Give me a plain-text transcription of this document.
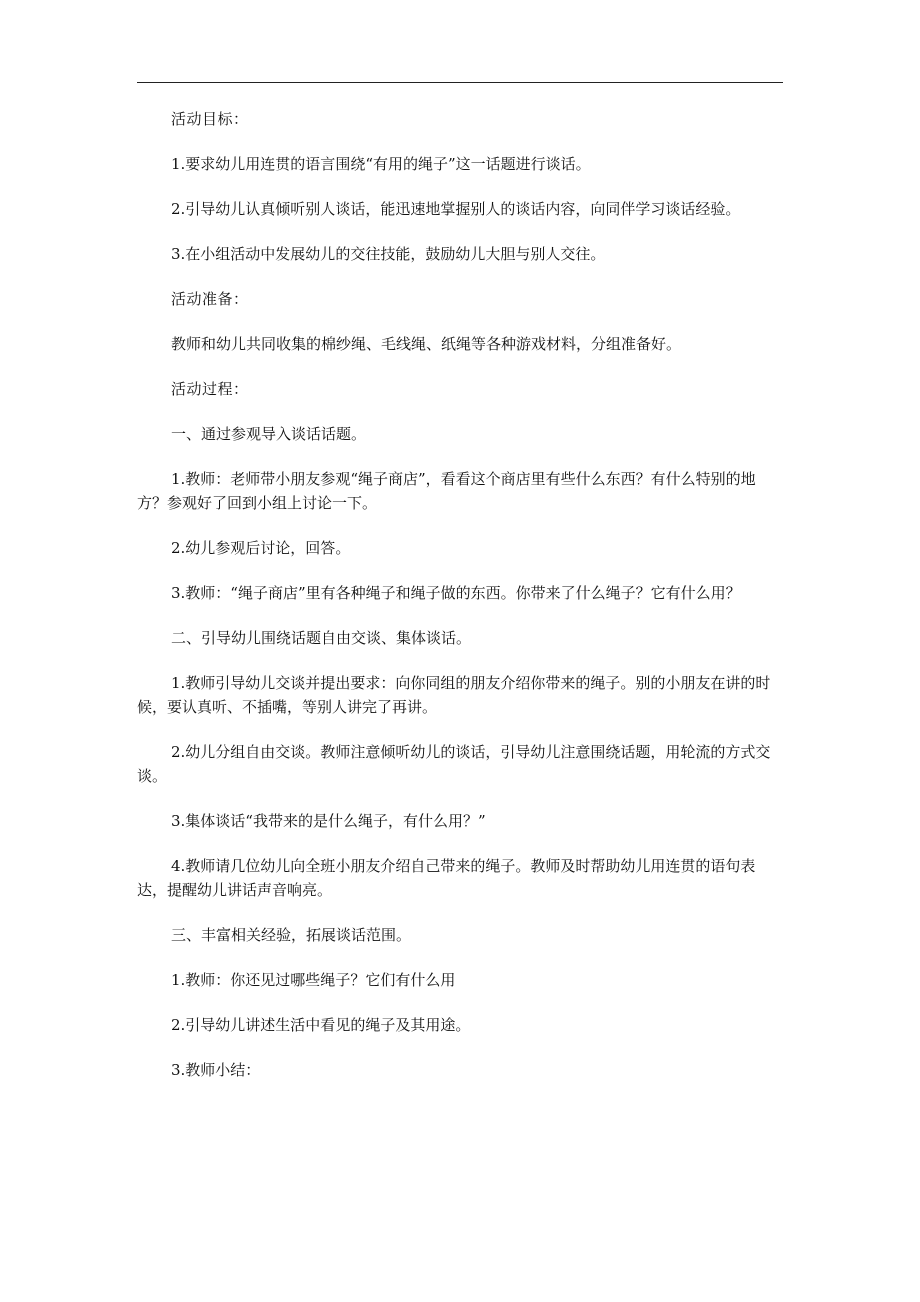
活动目标：

1.要求幼儿用连贯的语言围绕“有用的绳子”这一话题进行谈话。

2.引导幼儿认真倾听别人谈话，能迅速地掌握别人的谈话内容，向同伴学习谈话经验。

3.在小组活动中发展幼儿的交往技能，鼓励幼儿大胆与别人交往。

活动准备：

教师和幼儿共同收集的棉纱绳、毛线绳、纸绳等各种游戏材料，分组准备好。

活动过程：

一、通过参观导入谈话话题。

1.教师：老师带小朋友参观“绳子商店”，看看这个商店里有些什么东西？有什么特别的地方？参观好了回到小组上讨论一下。

2.幼儿参观后讨论，回答。

3.教师：“绳子商店”里有各种绳子和绳子做的东西。你带来了什么绳子？它有什么用？

二、引导幼儿围绕话题自由交谈、集体谈话。

1.教师引导幼儿交谈并提出要求：向你同组的朋友介绍你带来的绳子。别的小朋友在讲的时候，要认真听、不插嘴，等别人讲完了再讲。

2.幼儿分组自由交谈。教师注意倾听幼儿的谈话，引导幼儿注意围绕话题，用轮流的方式交谈。

3.集体谈话“我带来的是什么绳子，有什么用？”

4.教师请几位幼儿向全班小朋友介绍自己带来的绳子。教师及时帮助幼儿用连贯的语句表达，提醒幼儿讲话声音响亮。

三、丰富相关经验，拓展谈话范围。

1.教师：你还见过哪些绳子？它们有什么用

2.引导幼儿讲述生活中看见的绳子及其用途。

3.教师小结：
